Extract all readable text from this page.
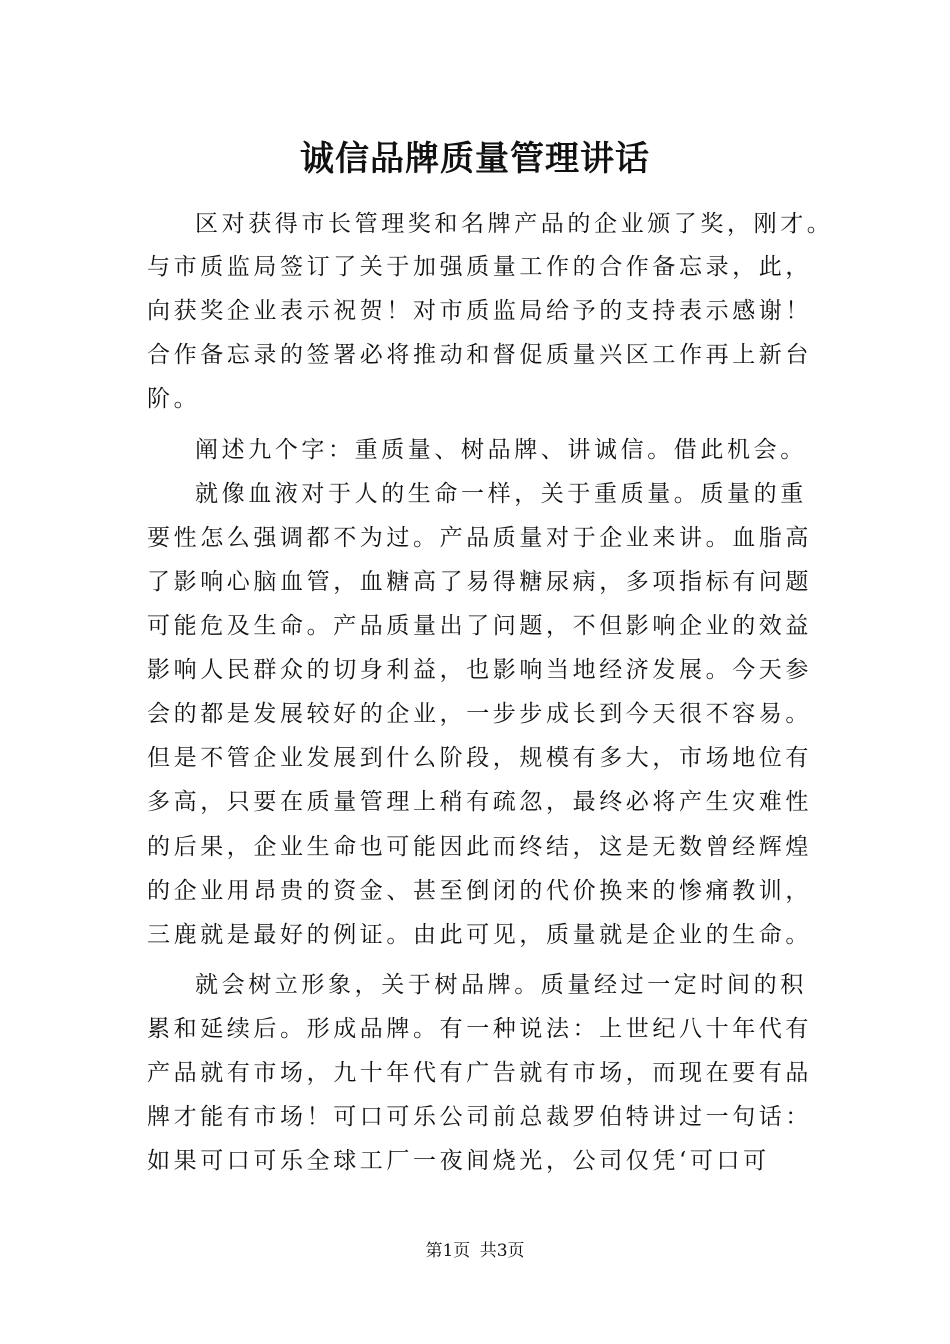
诚信品牌质量管理讲话
区对获得市长管理奖和名牌产品的企业颁了奖，刚才。
与市质监局签订了关于加强质量工作的合作备忘录，此，
向获奖企业表示祝贺！对市质监局给予的支持表示感谢！
合作备忘录的签署必将推动和督促质量兴区工作再上新台
阶。
阐述九个字：重质量、树品牌、讲诚信。借此机会。
就像血液对于人的生命一样，关于重质量。质量的重
要性怎么强调都不为过。产品质量对于企业来讲。血脂高
了影响心脑血管，血糖高了易得糖尿病，多项指标有问题
可能危及生命。产品质量出了问题，不但影响企业的效益
影响人民群众的切身利益，也影响当地经济发展。今天参
会的都是发展较好的企业，一步步成长到今天很不容易。
但是不管企业发展到什么阶段，规模有多大，市场地位有
多高，只要在质量管理上稍有疏忽，最终必将产生灾难性
的后果，企业生命也可能因此而终结，这是无数曾经辉煌
的企业用昂贵的资金、甚至倒闭的代价换来的惨痛教训，
三鹿就是最好的例证。由此可见，质量就是企业的生命。
就会树立形象，关于树品牌。质量经过一定时间的积
累和延续后。形成品牌。有一种说法：上世纪八十年代有
产品就有市场，九十年代有广告就有市场，而现在要有品
牌才能有市场！可口可乐公司前总裁罗伯特讲过一句话：
如果可口可乐全球工厂一夜间烧光，公司仅凭‘可口可
第1页 共3页
